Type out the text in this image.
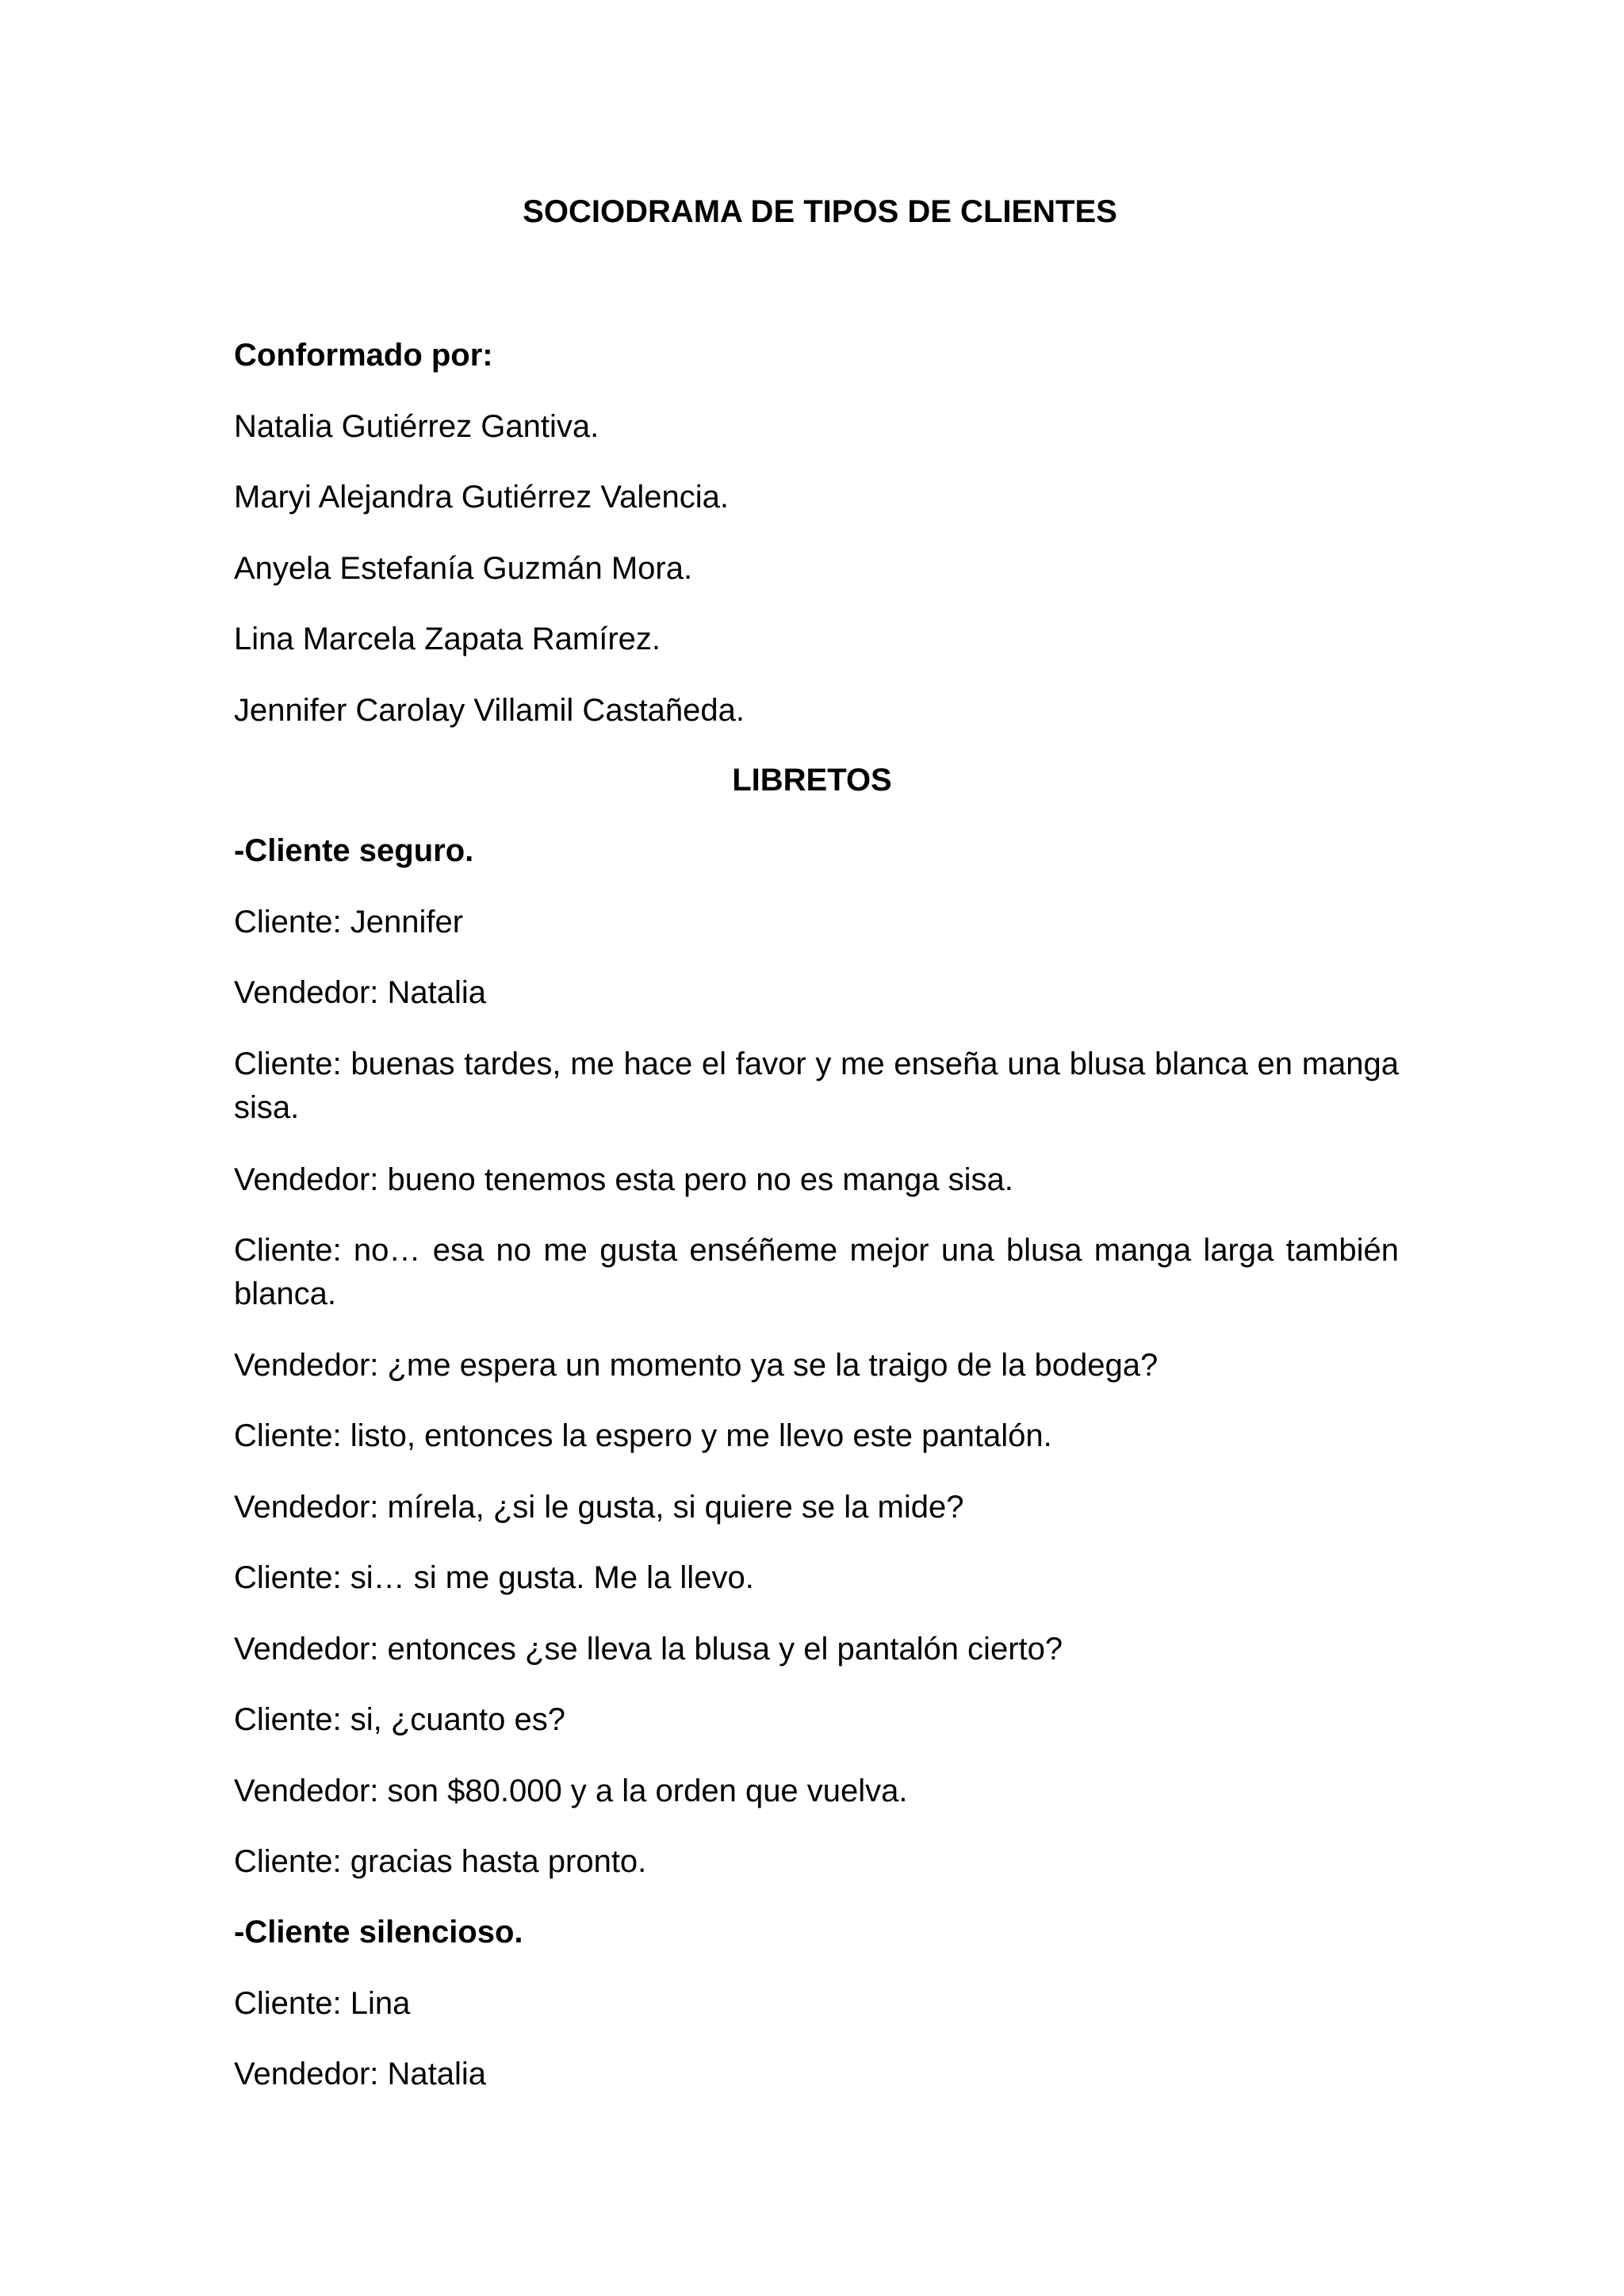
SOCIODRAMA DE TIPOS DE CLIENTES
Conformado por:
Natalia Gutiérrez Gantiva.
Maryi Alejandra Gutiérrez Valencia.
Anyela Estefanía Guzmán Mora.
Lina Marcela Zapata Ramírez.
Jennifer Carolay Villamil Castañeda.
LIBRETOS
-Cliente seguro.
Cliente: Jennifer
Vendedor: Natalia
Cliente: buenas tardes, me hace el favor y me enseña una blusa blanca en manga sisa.
Vendedor: bueno tenemos esta pero no es manga sisa.
Cliente: no… esa no me gusta enséñeme mejor una blusa manga larga también blanca.
Vendedor: ¿me espera un momento ya se la traigo de la bodega?
Cliente: listo, entonces la espero y me llevo este pantalón.
Vendedor: mírela, ¿si le gusta, si quiere se la mide?
Cliente: si… si me gusta. Me la llevo.
Vendedor: entonces ¿se lleva la blusa y el pantalón cierto?
Cliente: si, ¿cuanto es?
Vendedor: son $80.000 y a la orden que vuelva.
Cliente: gracias hasta pronto.
-Cliente silencioso.
Cliente: Lina
Vendedor: Natalia
